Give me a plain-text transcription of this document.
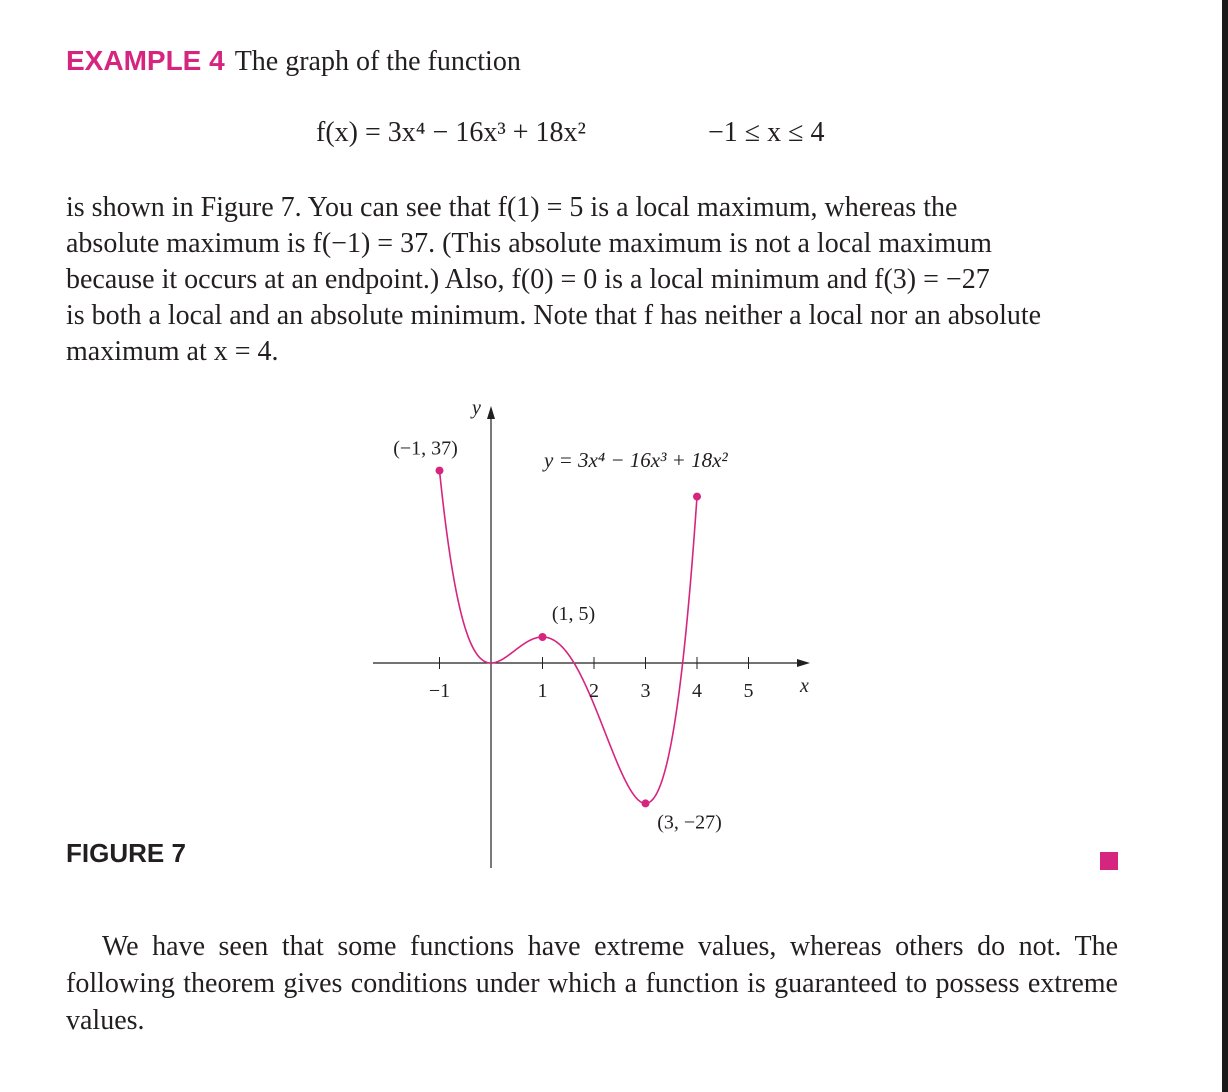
EXAMPLE 4 The graph of the function
f(x) = 3x⁴ − 16x³ + 18x²	−1 ≤ x ≤ 4

is shown in Figure 7. You can see that f(1) = 5 is a local maximum, whereas the

absolute maximum is f(−1) = 37. (This absolute maximum is not a local maximum

because it occurs at an endpoint.) Also, f(0) = 0 is a local minimum and f(3) = −27

is both a local and an absolute minimum. Note that f has neither a local nor an absolute

maximum at x = 4.

x
y
−1	1 2 3 4 5
(−1, 37)
(1, 5)
(3, −27)
y = 3x⁴ − 16x³ + 18x²
FIGURE 7

We have seen that some functions have extreme values, whereas others do not. The following theorem gives conditions under which a function is guaranteed to possess extreme values.
